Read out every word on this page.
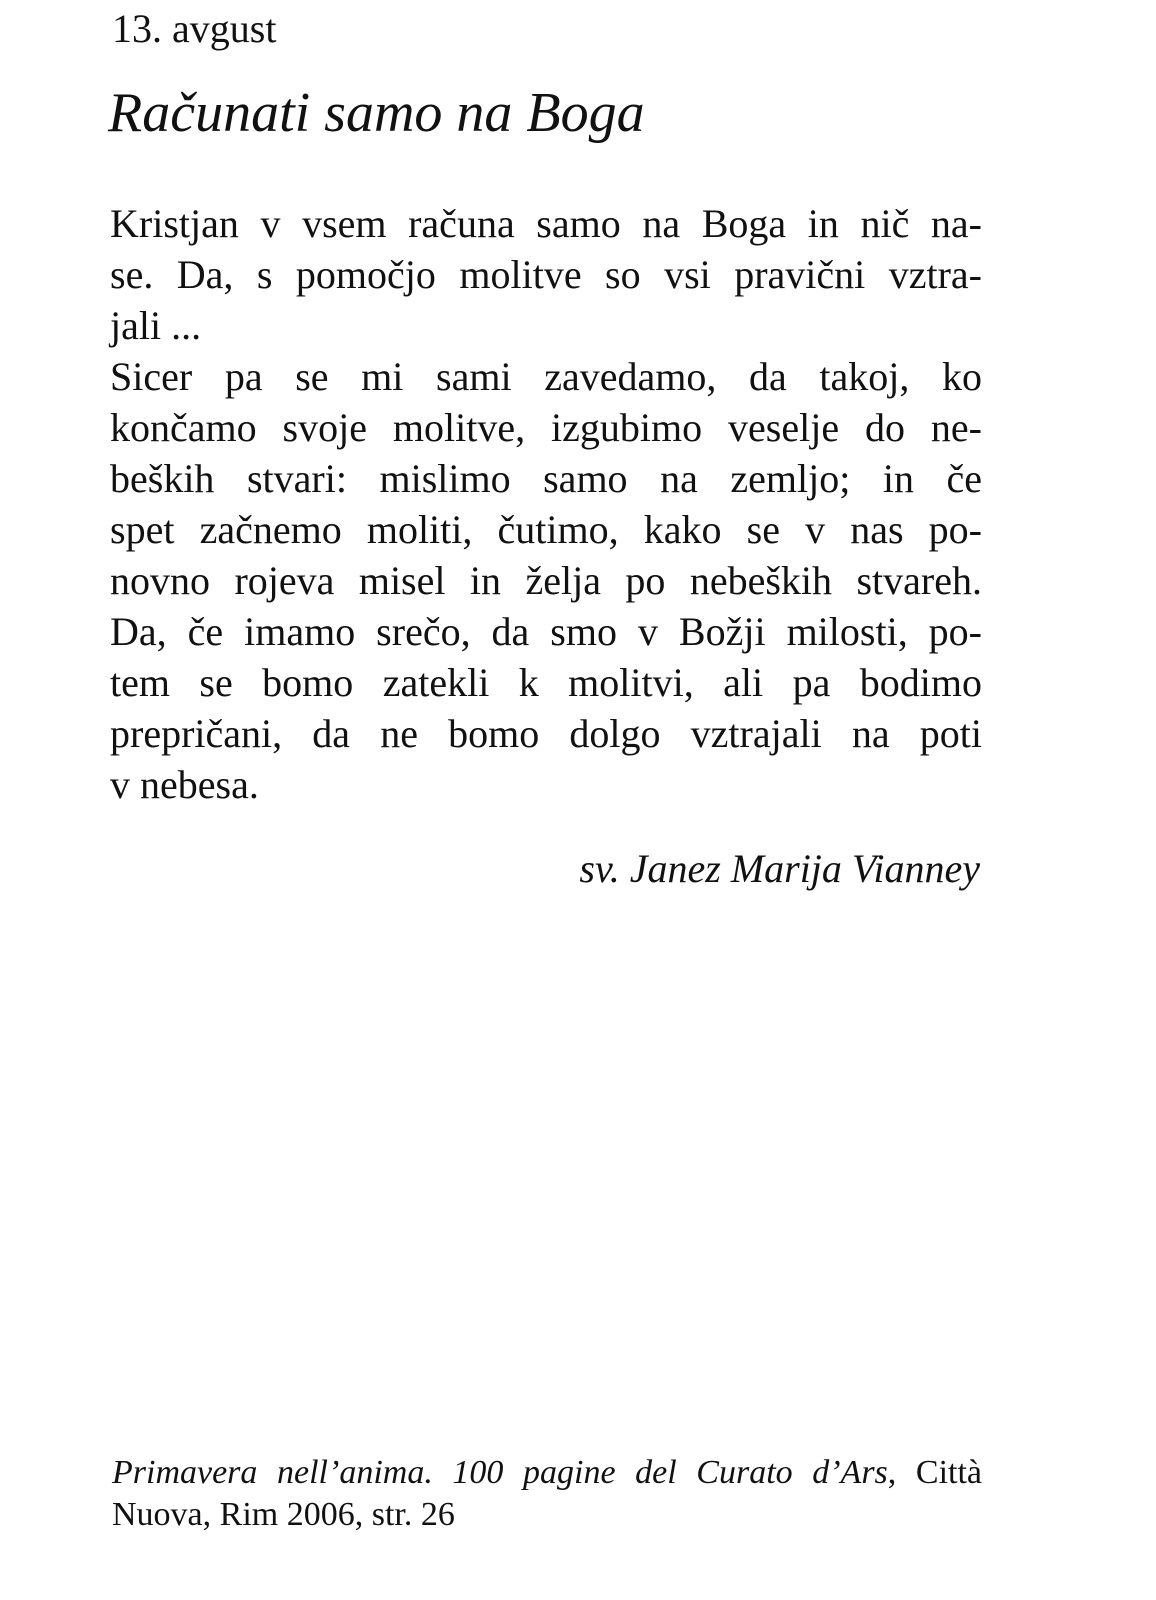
13. avgust

Računati samo na Boga
Kristjan v vsem računa samo na Boga in nič na-
se. Da, s pomočjo molitve so vsi pravični vztra-
jali ...
Sicer pa se mi sami zavedamo, da takoj, ko
končamo svoje molitve, izgubimo veselje do ne-
beških stvari: mislimo samo na zemljo; in če
spet začnemo moliti, čutimo, kako se v nas po-
novno rojeva misel in želja po nebeških stvareh.
Da, če imamo srečo, da smo v Božji milosti, po-
tem se bomo zatekli k molitvi, ali pa bodimo
prepričani, da ne bomo dolgo vztrajali na poti
v nebesa.

sv. Janez Marija Vianney

Primavera nell’anima. 100 pagine del Curato d’Ars, Città
Nuova, Rim 2006, str. 26
